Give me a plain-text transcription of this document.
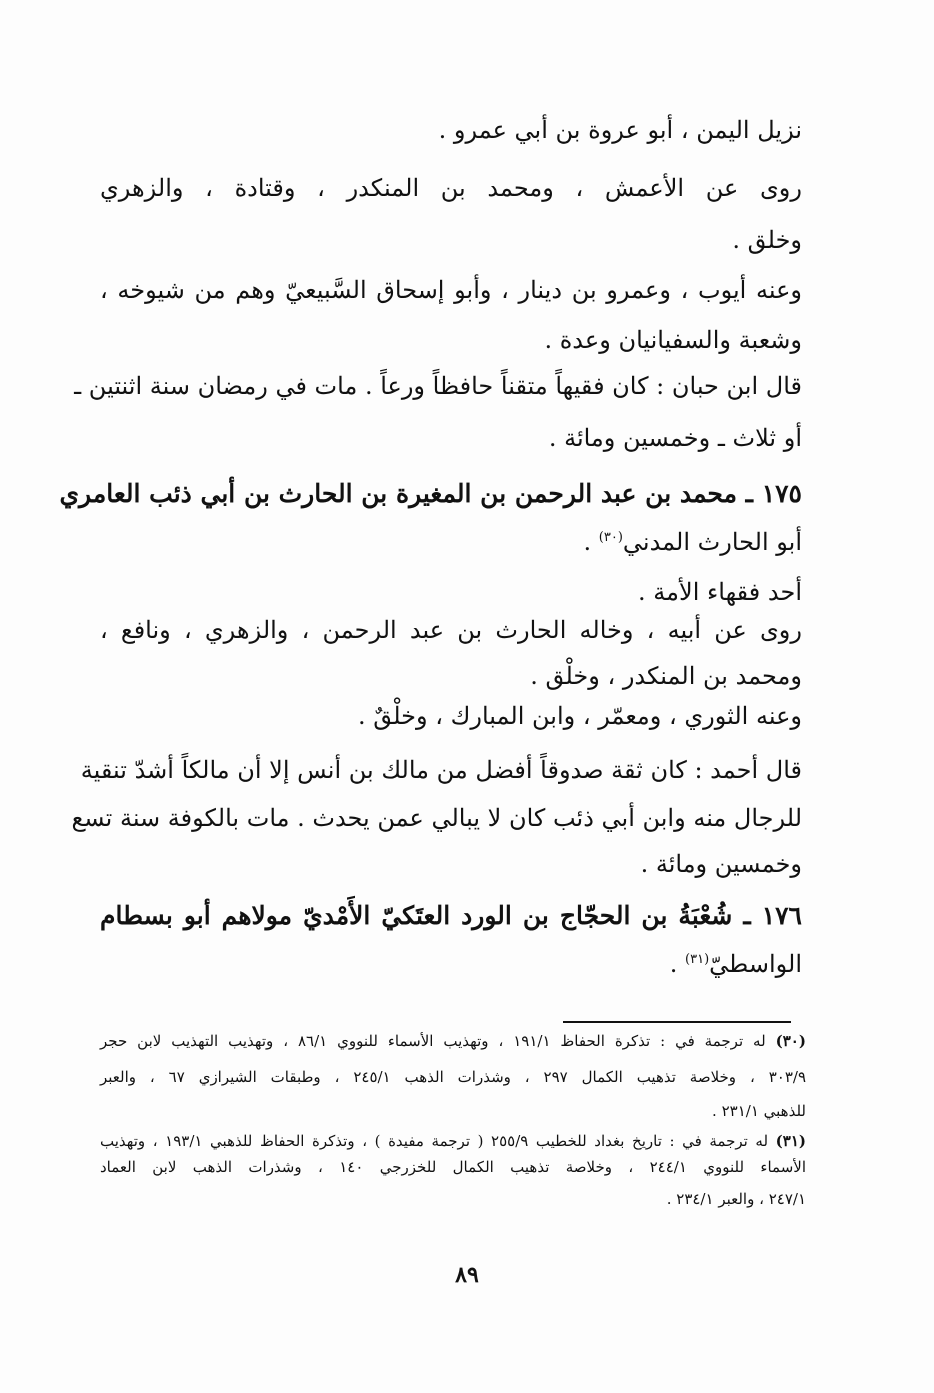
نزيل اليمن ، أبو عروة بن أبي عمرو .
روى عن الأعمش ، ومحمد بن المنكدر ، وقتادة ، والزهري
وخلق .
وعنه أيوب ، وعمرو بن دينار ، وأبو إسحاق السَّبيعيّ وهم من شيوخه ،
وشعبة والسفيانيان وعدة .
قال ابن حبان : كان فقيهاً متقناً حافظاً ورعاً . مات في رمضان سنة اثنتين ـ
أو ثلاث ـ وخمسين ومائة .
١٧٥ ـ محمد بن عبد الرحمن بن المغيرة بن الحارث بن أبي ذئب العامري
أبو الحارث المدني$^{(٣٠)}$ .
أحد فقهاء الأمة .
روى عن أبيه ، وخاله الحارث بن عبد الرحمن ، والزهري ، ونافع ،
ومحمد بن المنكدر ، وخلْق .
وعنه الثوري ، ومعمّر ، وابن المبارك ، وخلْقٌ .
قال أحمد : كان ثقة صدوقاً أفضل من مالك بن أنس إلا أن مالكاً أشدّ تنقية
للرجال منه وابن أبي ذئب كان لا يبالي عمن يحدث . مات بالكوفة سنة تسع
وخمسين ومائة .
١٧٦ ـ شُعْبَةُ بن الحجّاج بن الورد العتَكيّ الأَمْديّ مولاهم أبو بسطام
الواسطيّ$^{(٣١)}$ .
(٣٠) له ترجمة في : تذكرة الحفاظ ١٩١/١ ، وتهذيب الأسماء للنووي ٨٦/١ ، وتهذيب التهذيب لابن حجر
٣٠٣/٩ ، وخلاصة تذهيب الكمال ٢٩٧ ، وشذرات الذهب ٢٤٥/١ ، وطبقات الشيرازي ٦٧ ، والعبر
للذهبي ٢٣١/١ .
(٣١) له ترجمة في : تاريخ بغداد للخطيب ٢٥٥/٩ ( ترجمة مفيدة ) ، وتذكرة الحفاظ للذهبي ١٩٣/١ ، وتهذيب
الأسماء للنووي ٢٤٤/١ ، وخلاصة تذهيب الكمال للخزرجي ١٤٠ ، وشذرات الذهب لابن العماد
٢٤٧/١ ، والعبر ٢٣٤/١ .
٨٩
